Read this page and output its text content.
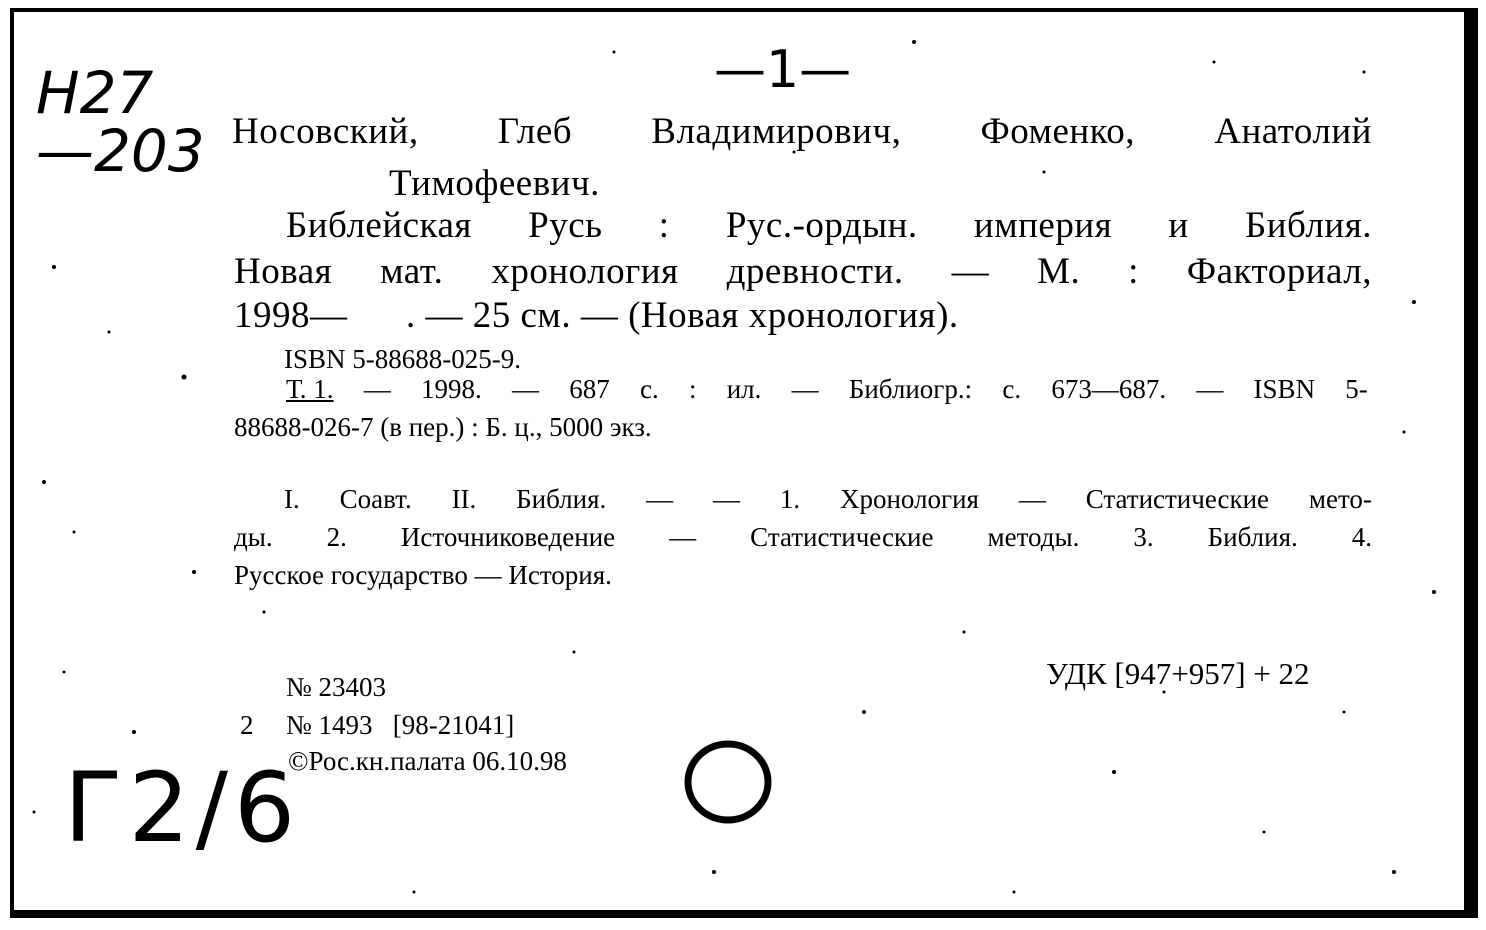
—1—
Н27—203 Носовский, Глеб Владимирович, Фоменко, Анатолий
Тимофеевич.
Библейская Русь : Рус.-ордын. империя и Библия.
Новая мат. хронология древности. — М. : Факториал,
1998—      . — 25 см. — (Новая хронология).
ISBN 5-88688-025-9.
Т. 1. — 1998. — 687 с. : ил. — Библиогр.: с. 673—687. — ISBN 5-
88688-026-7 (в пер.) : Б. ц., 5000 экз.
I. Соавт. II. Библия. — — 1. Хронология — Статистические мето-
ды. 2. Источниковедение — Статистические методы. 3. Библия. 4.
Русское государство — История.
№ 23403	УДК [947+957] + 22
2 № 1493   [98-21041]
©Рос.кн.палата 06.10.98
Г2/6
